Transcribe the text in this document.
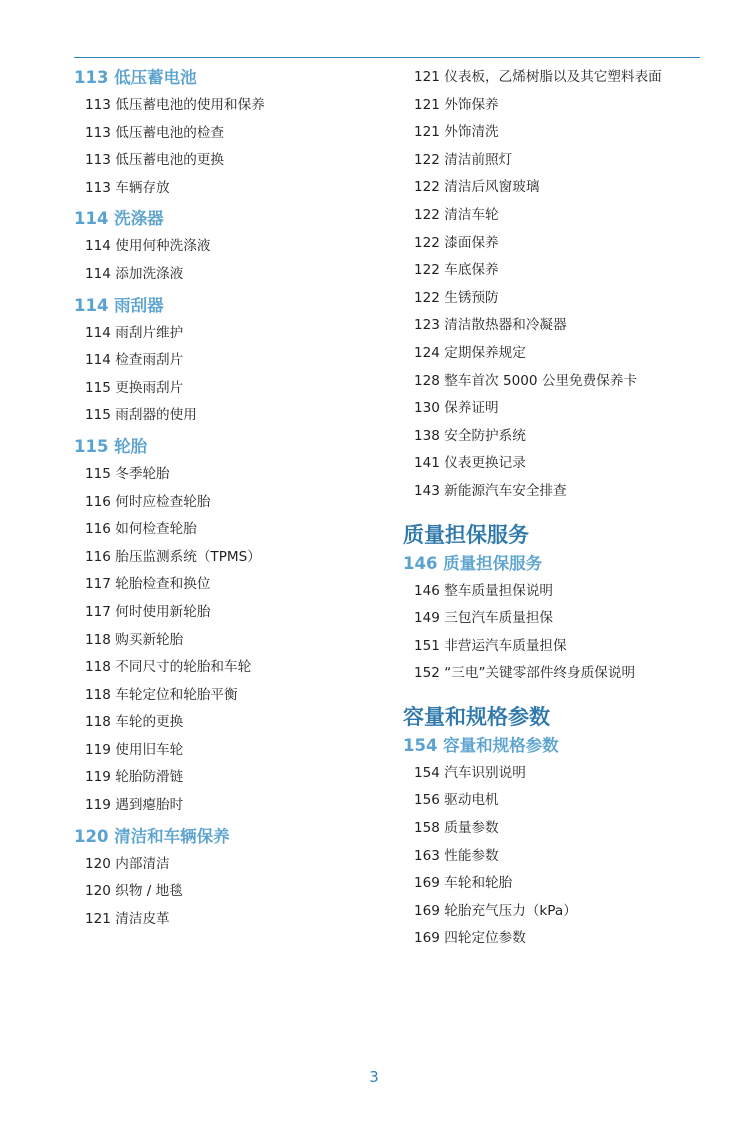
113 低压蓄电池
113 低压蓄电池的使用和保养
113 低压蓄电池的检查
113 低压蓄电池的更换
113 车辆存放
114 洗涤器
114 使用何种洗涤液
114 添加洗涤液
114 雨刮器
114 雨刮片维护
114 检查雨刮片
115 更换雨刮片
115 雨刮器的使用
115 轮胎
115 冬季轮胎
116 何时应检查轮胎
116 如何检查轮胎
116 胎压监测系统（TPMS）
117 轮胎检查和换位
117 何时使用新轮胎
118 购买新轮胎
118 不同尺寸的轮胎和车轮
118 车轮定位和轮胎平衡
118 车轮的更换
119 使用旧车轮
119 轮胎防滑链
119 遇到瘪胎时
120 清洁和车辆保养
120 内部清洁
120 织物 / 地毯
121 清洁皮革
121 仪表板，乙烯树脂以及其它塑料表面
121 外饰保养
121 外饰清洗
122 清洁前照灯
122 清洁后风窗玻璃
122 清洁车轮
122 漆面保养
122 车底保养
122 生锈预防
123 清洁散热器和冷凝器
124 定期保养规定
128 整车首次 5000 公里免费保养卡
130 保养证明
138 安全防护系统
141 仪表更换记录
143 新能源汽车安全排查
质量担保服务
146 质量担保服务
146 整车质量担保说明
149 三包汽车质量担保
151 非营运汽车质量担保
152 “三电”关键零部件终身质保说明
容量和规格参数
154 容量和规格参数
154 汽车识别说明
156 驱动电机
158 质量参数
163 性能参数
169 车轮和轮胎
169 轮胎充气压力（kPa）
169 四轮定位参数
3
